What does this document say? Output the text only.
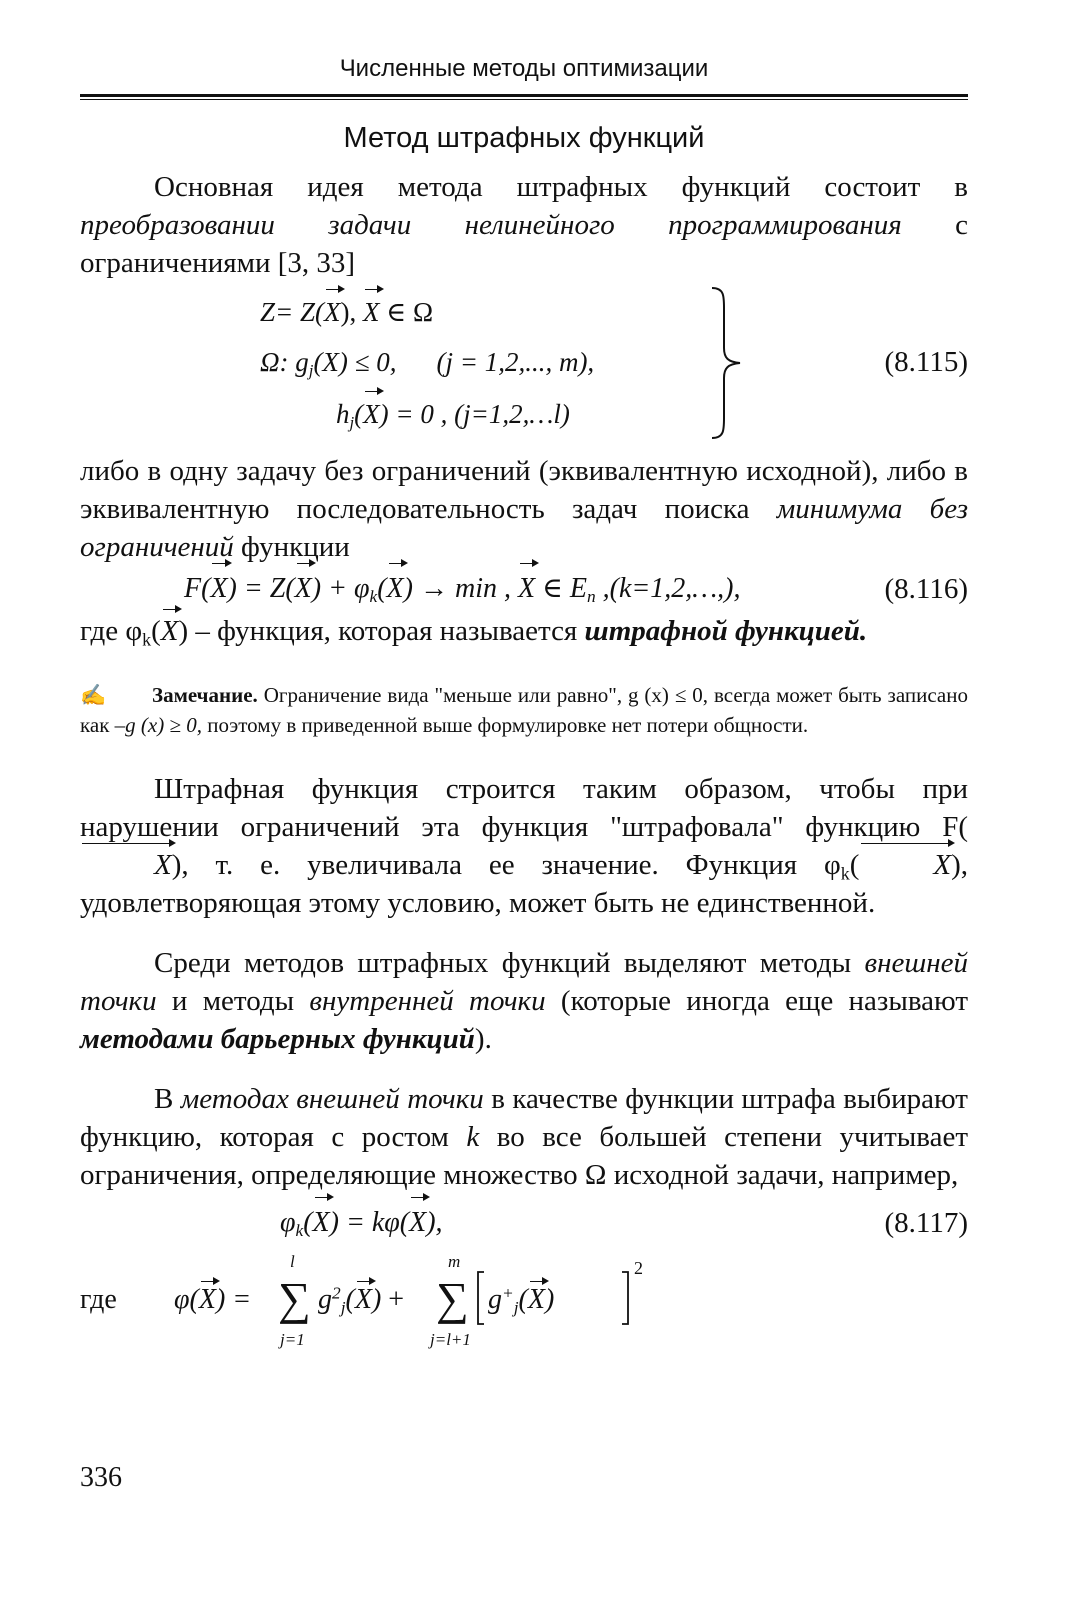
Численные методы оптимизации
Метод штрафных функций

Основная идея метода штрафных функций состоит в преобразовании задачи нелинейного программирования с ограничениями [3, 33]

Z= Z(X), X ∈ Ω
Ω: $g_j(X) \le 0$, (j = 1,2,..., m),
$h_j(X) = 0$ , (j=1,2,…l)
(8.115)

либо в одну задачу без ограничений (эквивалентную исходной), либо в эквивалентную последовательность задач поиска минимума без ограничений функции

$F(X) = Z(X) + \varphi_k(X) \to \min$ , X ∈ $E_n$ ,(k=1,2,…,),	(8.116)

где $\varphi_k(X)$ – функция, которая называется штрафной функцией.

✍ Замечание. Ограничение вида "меньше или равно", g (x) ≤ 0, всегда может быть записано как –g (x) ≥ 0, поэтому в приведенной выше формулировке нет потери общности.

Штрафная функция строится таким образом, чтобы при нарушении ограничений эта функция "штрафовала" функцию F(X), т. е. увеличивала ее значение. Функция $\varphi_k$(	X), удовлетворяющая этому условию, может быть не единственной.

Среди методов штрафных функций выделяют методы внешней точки и методы внутренней точки (которые иногда еще называют методами барьерных функций).

В методах внешней точки в качестве функции штрафа выбирают функцию, которая с ростом k во все большей степени учитывает ограничения, определяющие множество Ω исходной задачи, например,

$\varphi_k(X) = k\varphi(X)$,	(8.117)
где φ(X) =
l
∑
j=1
$g^2_j(X)$ +
m
∑
j=l+1
$g^+_j(X)$
2
336
